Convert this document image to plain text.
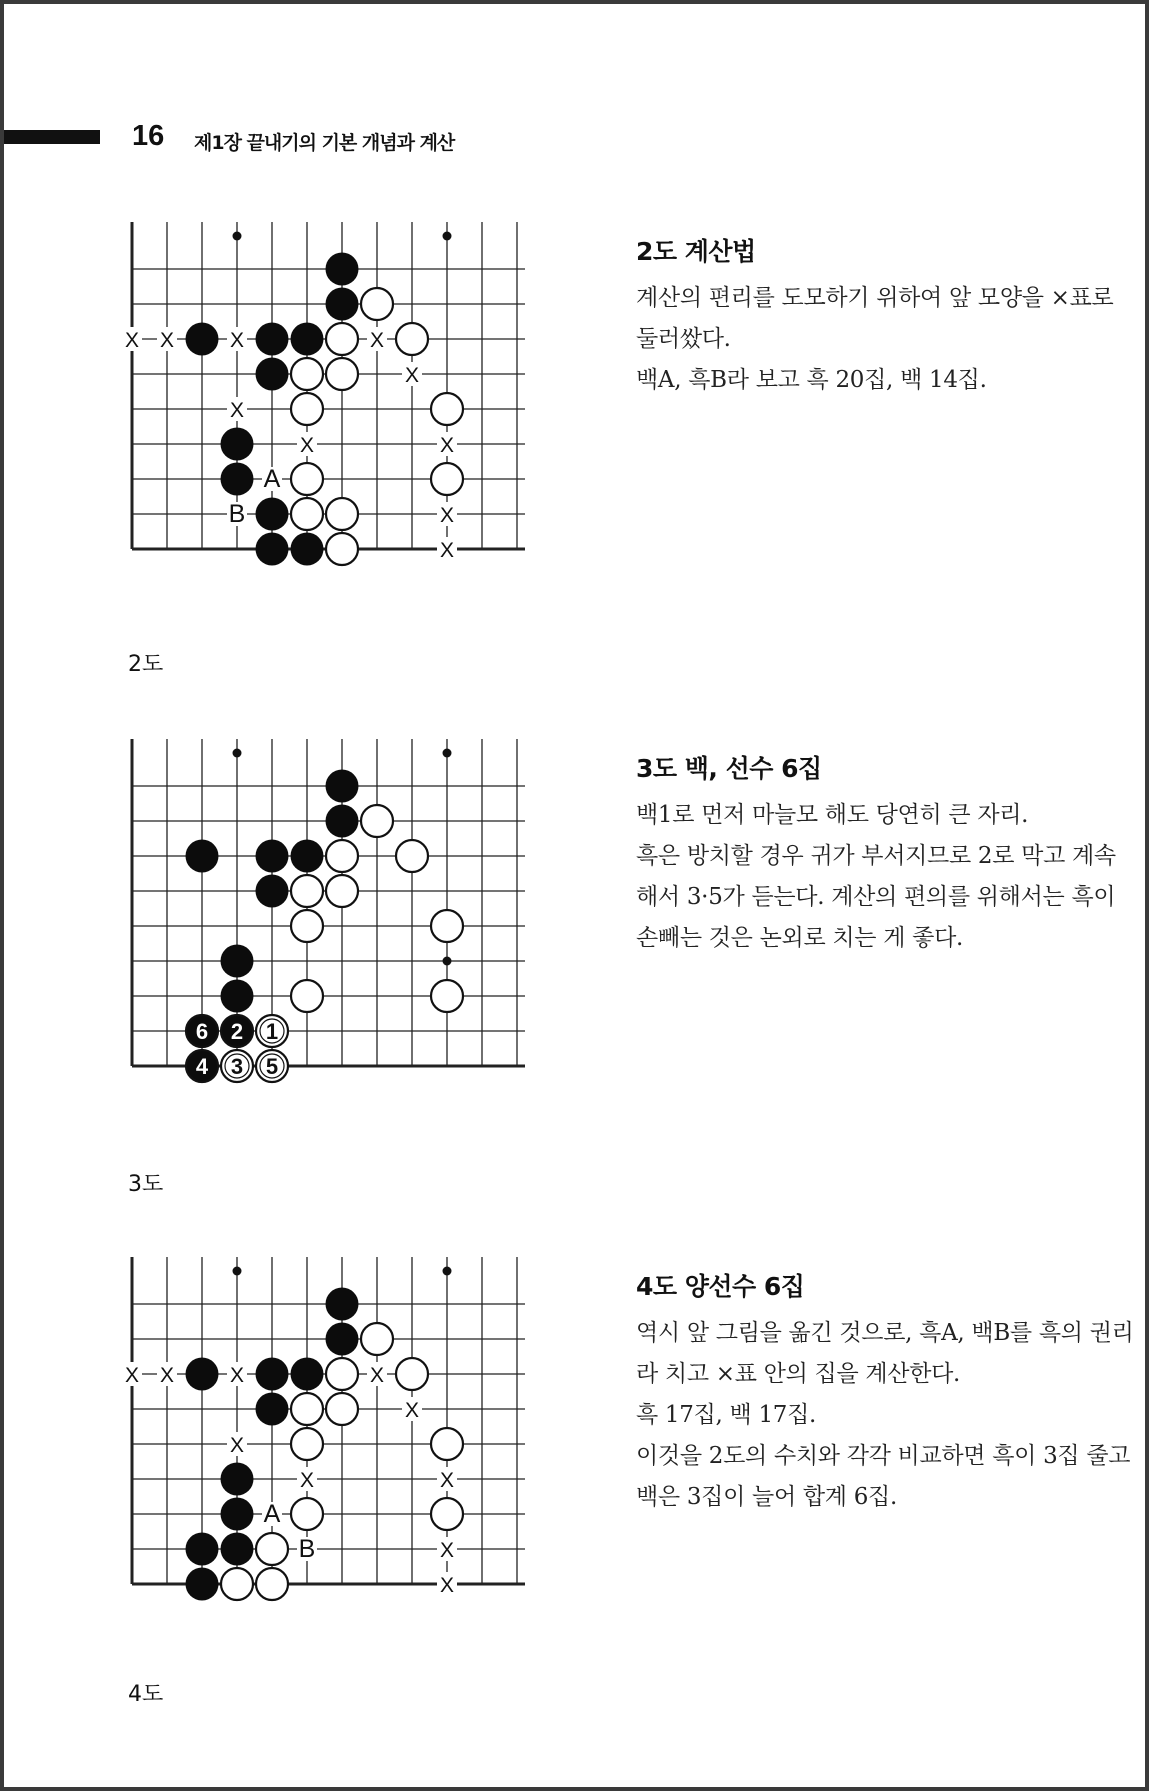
16 제1장 끝내기의 기본 개념과 계산
X X	X	X
X
X
X	X
A
B	X
X
2도
2도 계산법

계산의 편리를 도모하기 위하여 앞 모양을 ×표로 둘러쌌다.

백A, 흑B라 보고 흑 20집, 백 14집.

6 2 1
4 3 5
3도
3도 백, 선수 6집

백1로 먼저 마늘모 해도 당연히 큰 자리.

흑은 방치할 경우 귀가 부서지므로 2로 막고 계속해서 3·5가 듣는다. 계산의 편의를 위해서는 흑이 손빼는 것은 논외로 치는 게 좋다.

X X	X	X
X
X
X	X
A
B	X
X
4도
4도 양선수 6집

역시 앞 그림을 옮긴 것으로, 흑A, 백B를 흑의 권리라 치고 ×표 안의 집을 계산한다.

흑 17집, 백 17집.

이것을 2도의 수치와 각각 비교하면 흑이 3집 줄고 백은 3집이 늘어 합계 6집.
